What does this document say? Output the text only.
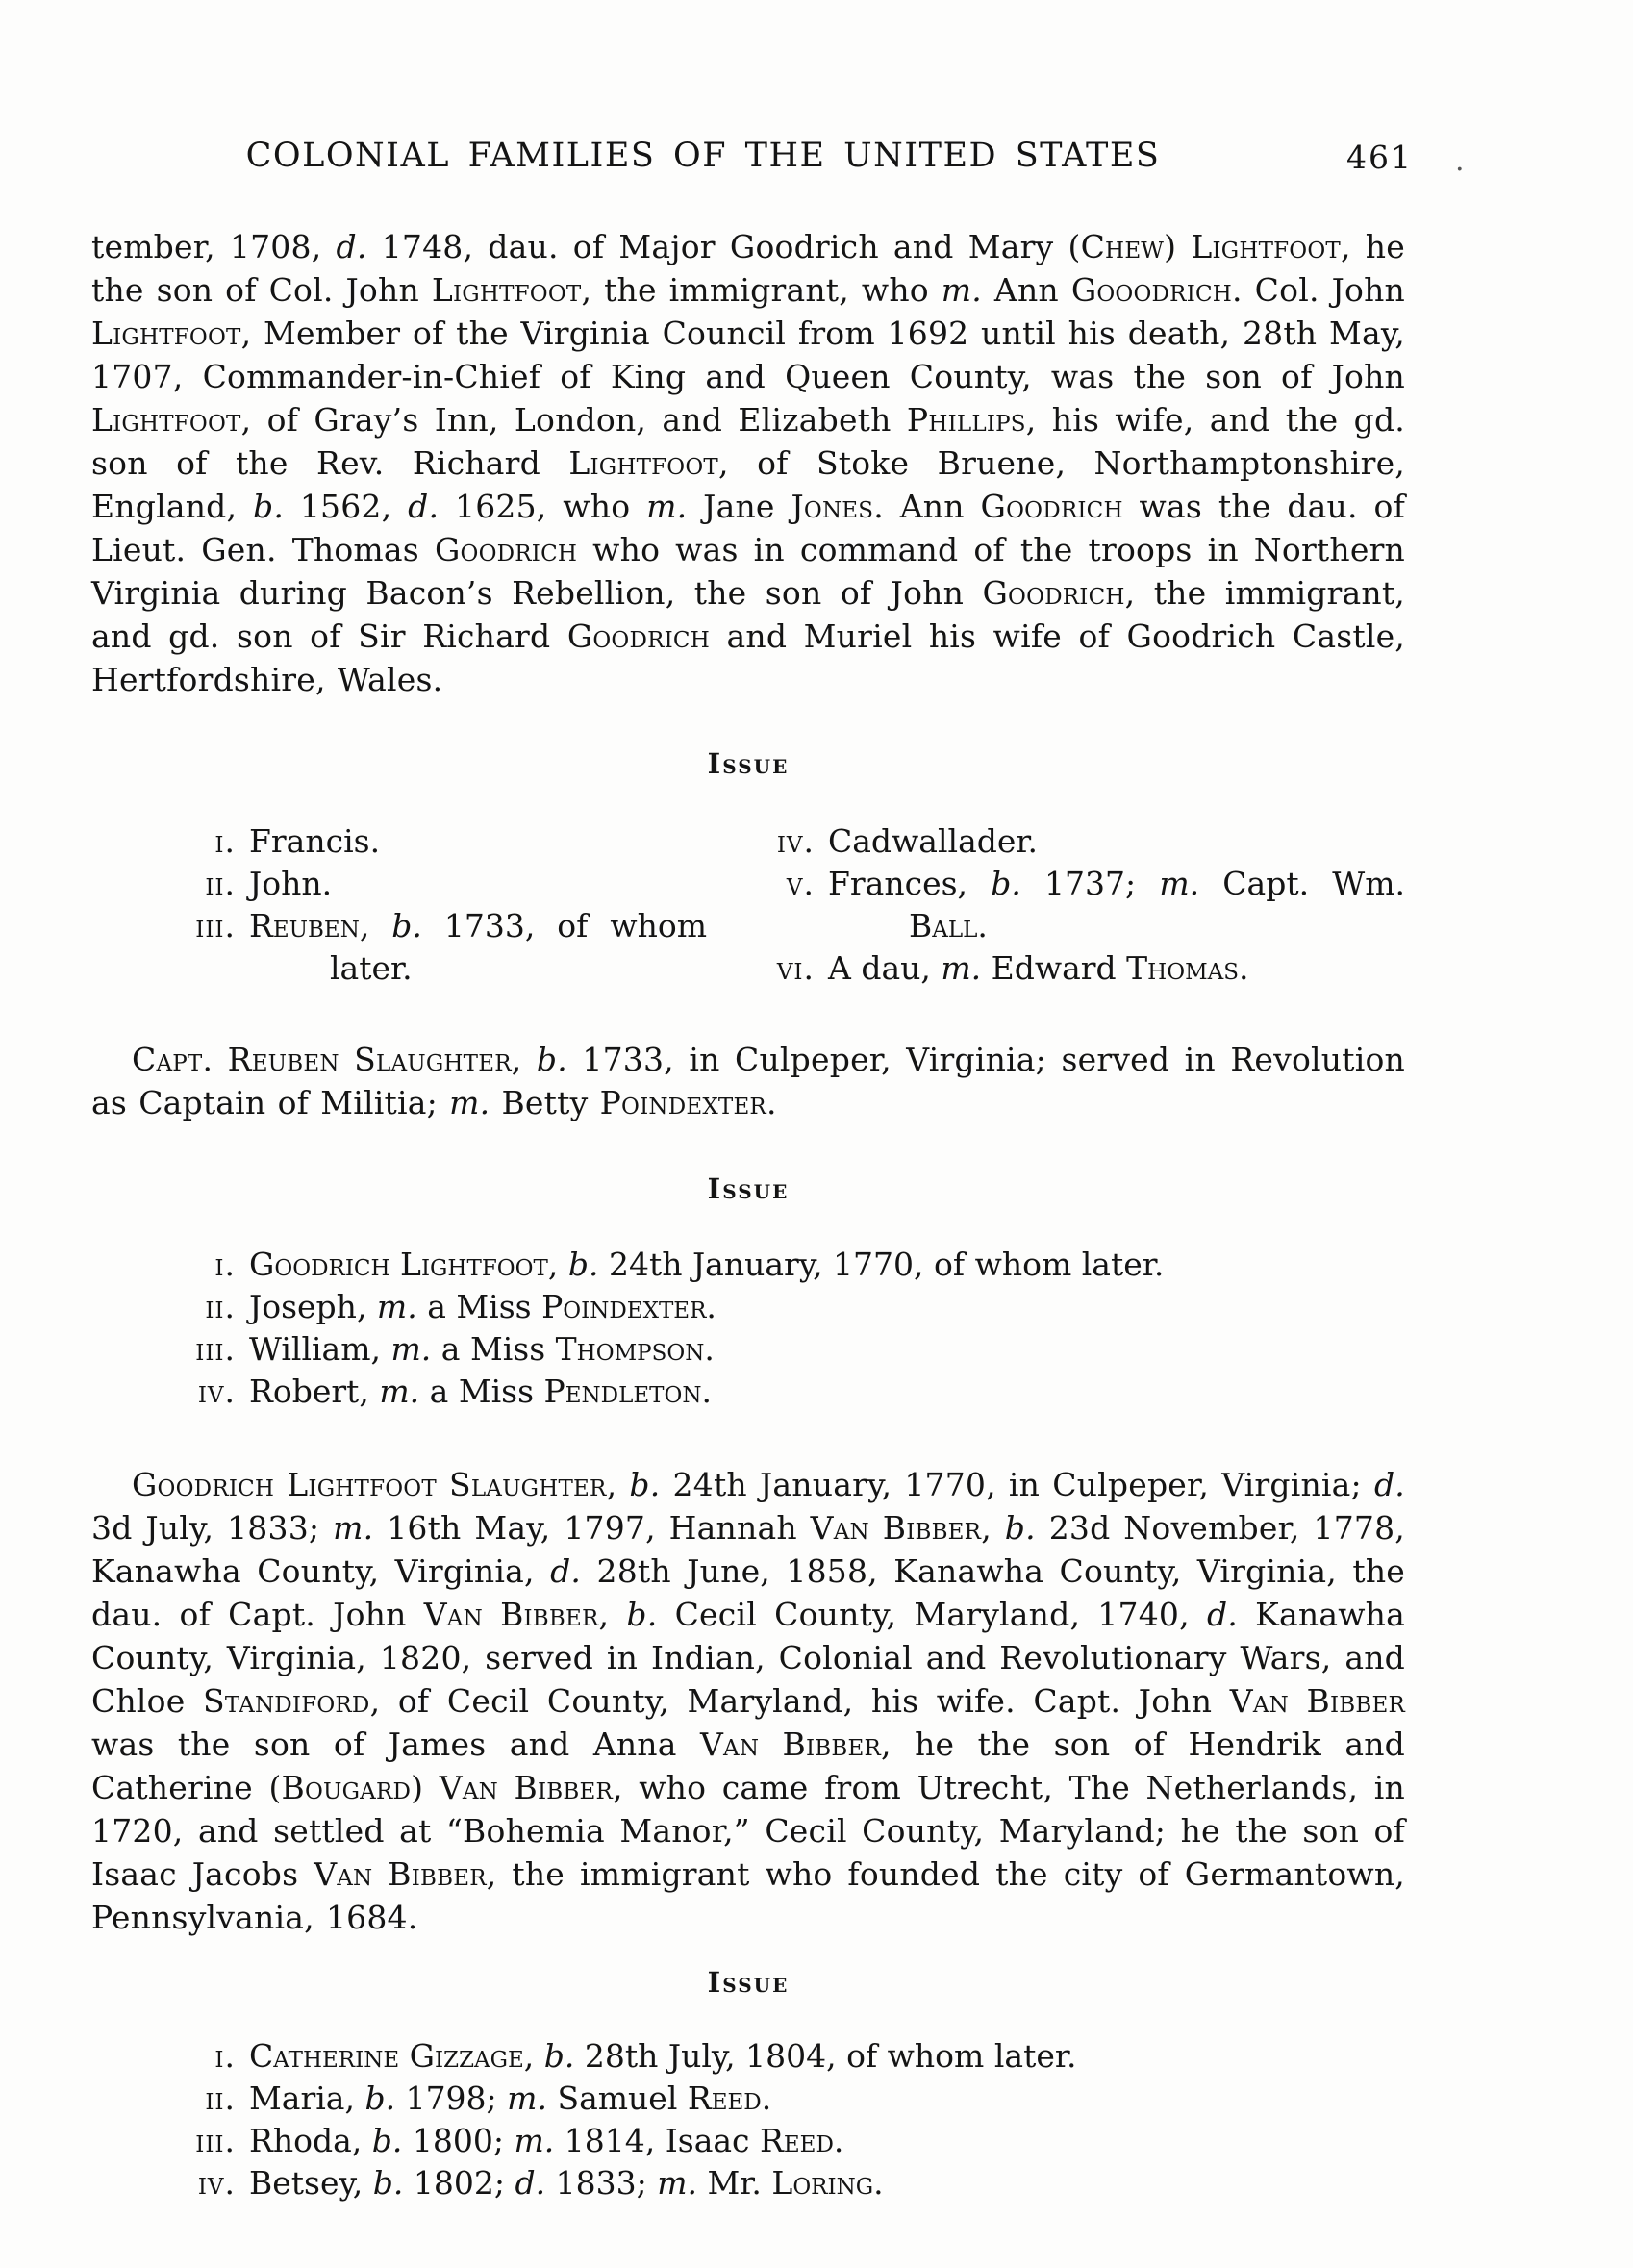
COLONIAL FAMILIES OF THE UNITED STATES	461 .

tember, 1708, d. 1748, dau. of Major Goodrich and Mary (Chew) Lightfoot, he the son of Col. John Lightfoot, the immigrant, who m. Ann Gooodrich. Col. John Lightfoot, Member of the Virginia Council from 1692 until his death, 28th May, 1707, Commander-in-Chief of King and Queen County, was the son of John Lightfoot, of Gray’s Inn, London, and Elizabeth Phillips, his wife, and the gd. son of the Rev. Richard Lightfoot, of Stoke Bruene, Northamptonshire, England, b. 1562, d. 1625, who m. Jane Jones. Ann Goodrich was the dau. of Lieut. Gen. Thomas Goodrich who was in command of the troops in Northern Virginia during Bacon’s Rebellion, the son of John Goodrich, the immigrant, and gd. son of Sir Richard Goodrich and Muriel his wife of Goodrich Castle, Hertfordshire, Wales.

Issue
i. Francis.
ii. John.
iii. Reuben, b. 1733, of whom later.
iv. Cadwallader.
v. Frances, b. 1737; m. Capt. Wm. Ball.
vi. A dau, m. Edward Thomas.

Capt. Reuben Slaughter, b. 1733, in Culpeper, Virginia; served in Revolution as Captain of Militia; m. Betty Poindexter.

Issue
i. Goodrich Lightfoot, b. 24th January, 1770, of whom later.
ii. Joseph, m. a Miss Poindexter.
iii. William, m. a Miss Thompson.
iv. Robert, m. a Miss Pendleton.

Goodrich Lightfoot Slaughter, b. 24th January, 1770, in Culpeper, Virginia; d. 3d July, 1833; m. 16th May, 1797, Hannah Van Bibber, b. 23d November, 1778, Kanawha County, Virginia, d. 28th June, 1858, Kanawha County, Virginia, the dau. of Capt. John Van Bibber, b. Cecil County, Maryland, 1740, d. Kanawha County, Virginia, 1820, served in Indian, Colonial and Revolutionary Wars, and Chloe Standiford, of Cecil County, Maryland, his wife. Capt. John Van Bibber was the son of James and Anna Van Bibber, he the son of Hendrik and Catherine (Bougard) Van Bibber, who came from Utrecht, The Netherlands, in 1720, and settled at “Bohemia Manor,” Cecil County, Maryland; he the son of Isaac Jacobs Van Bibber, the immigrant who founded the city of Germantown, Pennsylvania, 1684.

Issue
i. Catherine Gizzage, b. 28th July, 1804, of whom later.
ii. Maria, b. 1798; m. Samuel Reed.
iii. Rhoda, b. 1800; m. 1814, Isaac Reed.
iv. Betsey, b. 1802; d. 1833; m. Mr. Loring.
